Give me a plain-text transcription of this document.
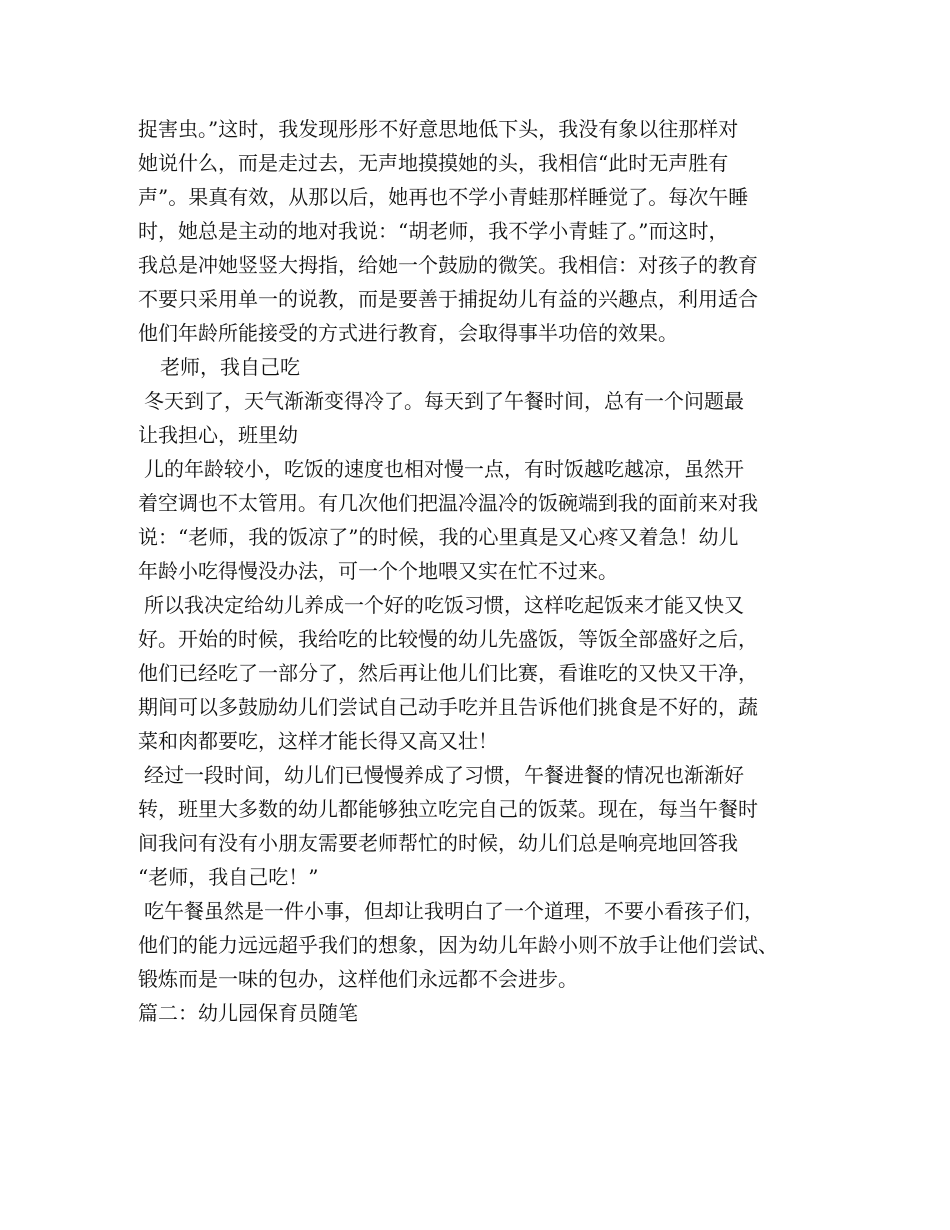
捉害虫。”这时，我发现彤彤不好意思地低下头，我没有象以往那样对
她说什么，而是走过去，无声地摸摸她的头，我相信“此时无声胜有
声”。果真有效，从那以后，她再也不学小青蛙那样睡觉了。每次午睡
时，她总是主动的地对我说：“胡老师，我不学小青蛙了。”而这时，
我总是冲她竖竖大拇指，给她一个鼓励的微笑。我相信：对孩子的教育
不要只采用单一的说教，而是要善于捕捉幼儿有益的兴趣点，利用适合
他们年龄所能接受的方式进行教育，会取得事半功倍的效果。
老师，我自己吃
冬天到了，天气渐渐变得冷了。每天到了午餐时间，总有一个问题最
让我担心，班里幼
儿的年龄较小，吃饭的速度也相对慢一点，有时饭越吃越凉，虽然开
着空调也不太管用。有几次他们把温冷温冷的饭碗端到我的面前来对我
说：“老师，我的饭凉了”的时候，我的心里真是又心疼又着急！幼儿
年龄小吃得慢没办法，可一个个地喂又实在忙不过来。
所以我决定给幼儿养成一个好的吃饭习惯，这样吃起饭来才能又快又
好。开始的时候，我给吃的比较慢的幼儿先盛饭，等饭全部盛好之后，
他们已经吃了一部分了，然后再让他儿们比赛，看谁吃的又快又干净，
期间可以多鼓励幼儿们尝试自己动手吃并且告诉他们挑食是不好的，蔬
菜和肉都要吃，这样才能长得又高又壮！
经过一段时间，幼儿们已慢慢养成了习惯，午餐进餐的情况也渐渐好
转，班里大多数的幼儿都能够独立吃完自己的饭菜。现在，每当午餐时
间我问有没有小朋友需要老师帮忙的时候，幼儿们总是响亮地回答我
“老师，我自己吃！”
吃午餐虽然是一件小事，但却让我明白了一个道理，不要小看孩子们，
他们的能力远远超乎我们的想象，因为幼儿年龄小则不放手让他们尝试、
锻炼而是一味的包办，这样他们永远都不会进步。
篇二：幼儿园保育员随笔
